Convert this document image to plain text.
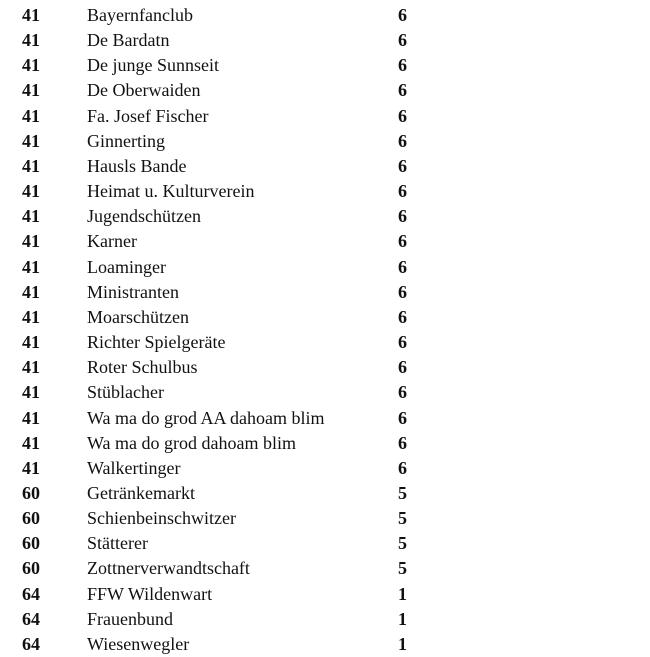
41	Bayernfanclub	6
41	De Bardatn	6
41	De junge Sunnseit	6
41	De Oberwaiden	6
41	Fa. Josef Fischer	6
41	Ginnerting	6
41	Hausls Bande	6
41	Heimat u. Kulturverein	6
41	Jugendschützen	6
41	Karner	6
41	Loaminger	6
41	Ministranten	6
41	Moarschützen	6
41	Richter Spielgeräte	6
41	Roter Schulbus	6
41	Stüblacher	6
41	Wa ma do grod AA dahoam blim	6
41	Wa ma do grod dahoam blim	6
41	Walkertinger	6
60	Getränkemarkt	5
60	Schienbeinschwitzer	5
60	Stätterer	5
60	Zottnerverwandtschaft	5
64	FFW Wildenwart	1
64	Frauenbund	1
64	Wiesenwegler	1
